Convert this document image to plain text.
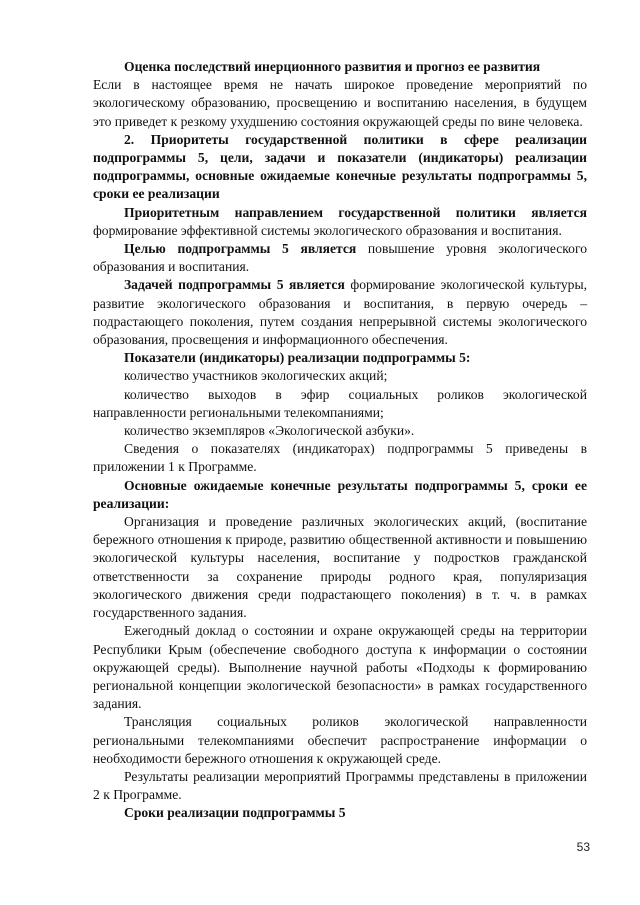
Оценка последствий инерционного развития и прогноз ее развития

Если в настоящее время не начать широкое проведение мероприятий по экологическому образованию, просвещению и воспитанию населения, в будущем это приведет к резкому ухудшению состояния окружающей среды по вине человека.

2. Приоритеты государственной политики в сфере реализации подпрограммы 5, цели, задачи и показатели (индикаторы) реализации подпрограммы, основные ожидаемые конечные результаты подпрограммы 5, сроки ее реализации

Приоритетным направлением государственной политики является формирование эффективной системы экологического образования и воспитания.

Целью подпрограммы 5 является повышение уровня экологического образования и воспитания.

Задачей подпрограммы 5 является формирование экологической культуры, развитие экологического образования и воспитания, в первую очередь – подрастающего поколения, путем создания непрерывной системы экологического образования, просвещения и информационного обеспечения.

Показатели (индикаторы) реализации подпрограммы 5:

количество участников экологических акций;

количество выходов в эфир социальных роликов экологической направленности региональными телекомпаниями;

количество экземпляров «Экологической азбуки».

Сведения о показателях (индикаторах) подпрограммы 5 приведены в приложении 1 к Программе.

Основные ожидаемые конечные результаты подпрограммы 5, сроки ее реализации:

Организация и проведение различных экологических акций, (воспитание бережного отношения к природе, развитию общественной активности и повышению экологической культуры населения, воспитание у подростков гражданской ответственности за сохранение природы родного края, популяризация экологического движения среди подрастающего поколения) в т. ч. в рамках государственного задания.

Ежегодный доклад о состоянии и охране окружающей среды на территории Республики Крым (обеспечение свободного доступа к информации о состоянии окружающей среды). Выполнение научной работы «Подходы к формированию региональной концепции экологической безопасности» в рамках государственного задания.

Трансляция социальных роликов экологической направленности региональными телекомпаниями обеспечит распространение информации о необходимости бережного отношения к окружающей среде.

Результаты реализации мероприятий Программы представлены в приложении 2 к Программе.

Сроки реализации подпрограммы 5

53
